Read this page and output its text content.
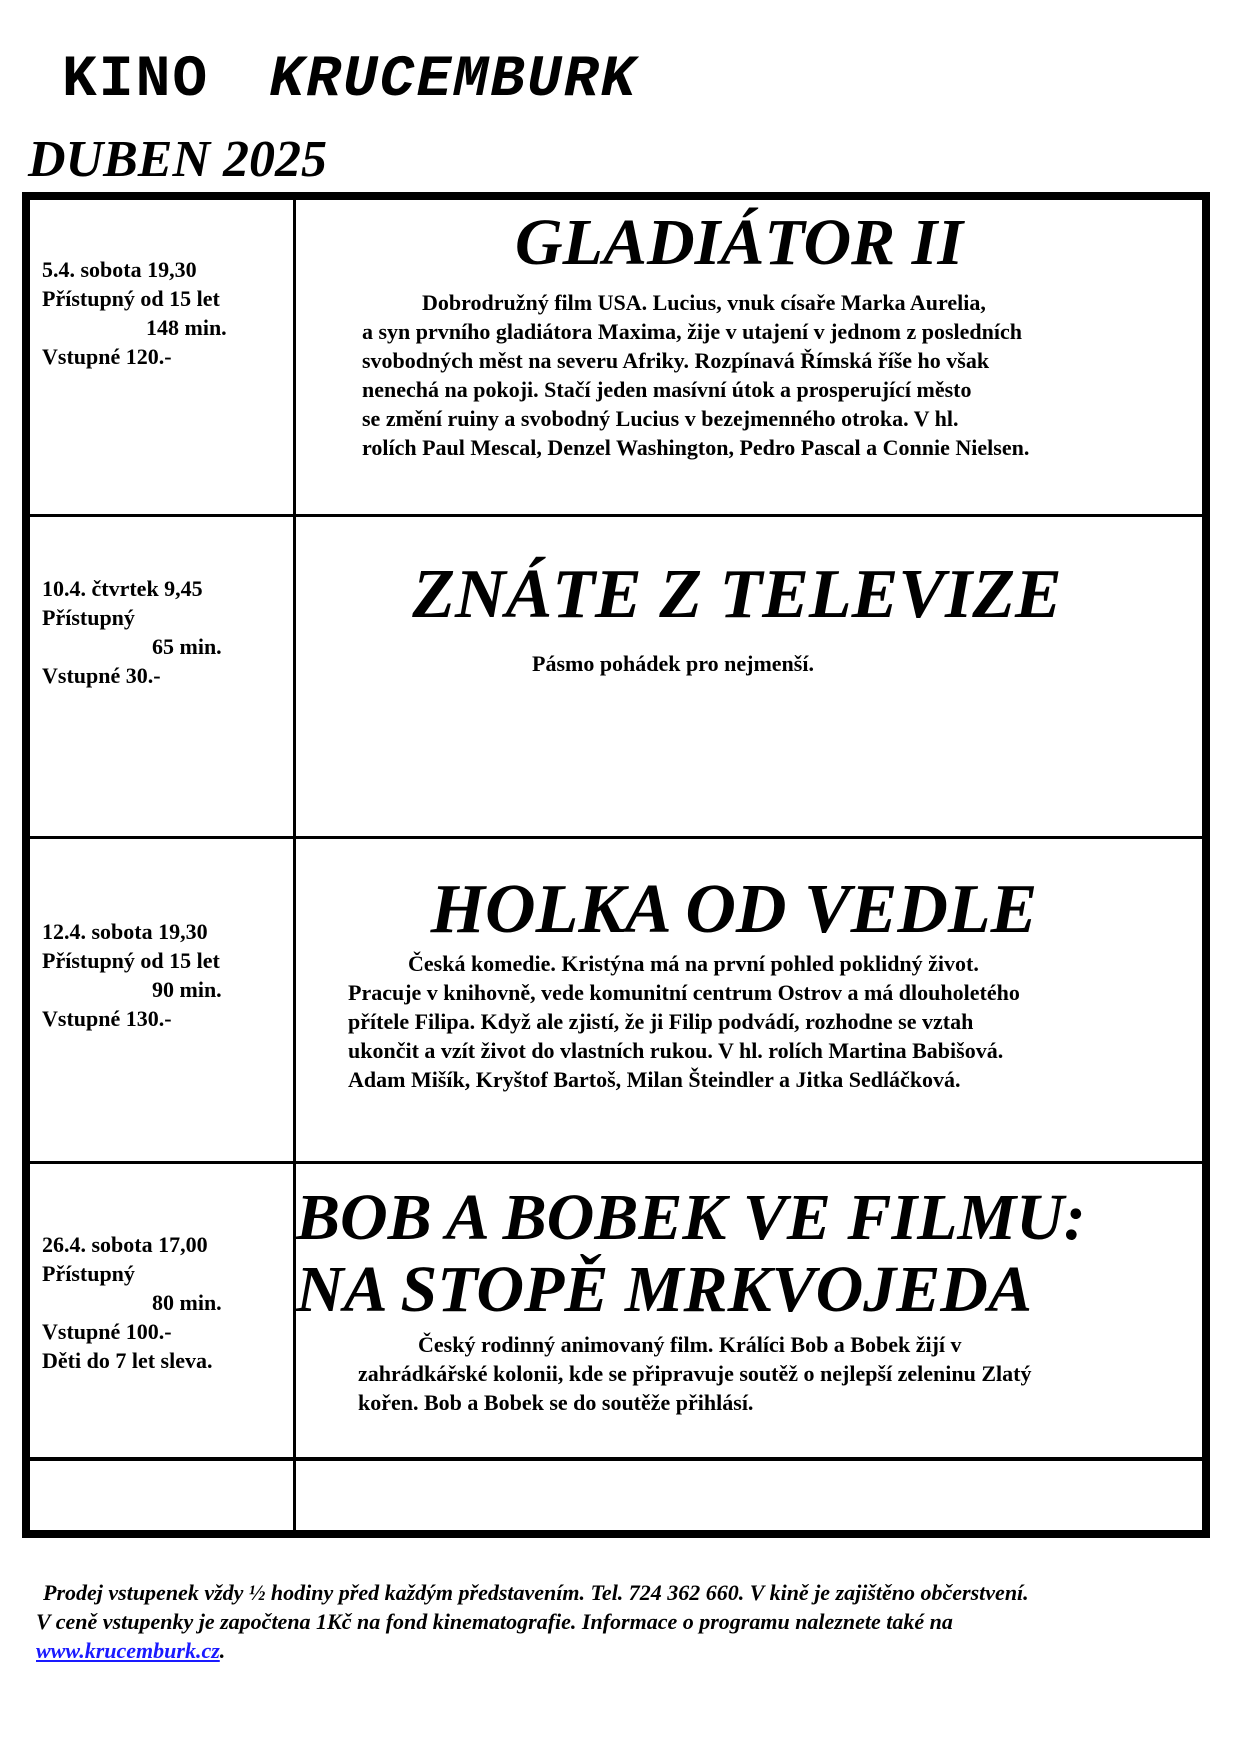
KINO KRUCEMBURK
DUBEN 2025
5.4. sobota 19,30
Přístupný od 15 let
148 min.
Vstupné 120.-
GLADIÁTOR II
Dobrodružný film USA. Lucius, vnuk císaře Marka Aurelia,
a syn prvního gladiátora Maxima, žije v utajení v jednom z posledních
svobodných měst na severu Afriky. Rozpínavá Římská říše ho však
nenechá na pokoji. Stačí jeden masívní útok a prosperující město
se změní ruiny a svobodný Lucius v bezejmenného otroka. V hl.
rolích Paul Mescal, Denzel Washington, Pedro Pascal a Connie Nielsen.
10.4. čtvrtek 9,45
Přístupný
65 min.
Vstupné 30.-
ZNÁTE Z TELEVIZE
Pásmo pohádek pro nejmenší.
12.4. sobota 19,30
Přístupný od 15 let
90 min.
Vstupné 130.-
HOLKA OD VEDLE
Česká komedie. Kristýna má na první pohled poklidný život.
Pracuje v knihovně, vede komunitní centrum Ostrov a má dlouholetého
přítele Filipa. Když ale zjistí, že ji Filip podvádí, rozhodne se vztah
ukončit a vzít život do vlastních rukou. V hl. rolích Martina Babišová.
Adam Mišík, Kryštof Bartoš, Milan Šteindler a Jitka Sedláčková.
26.4. sobota 17,00
Přístupný
80 min.
Vstupné 100.-
Děti do 7 let sleva.
BOB A BOBEK VE FILMU:
NA STOPĚ MRKVOJEDA
Český rodinný animovaný film. Králíci Bob a Bobek žijí v
zahrádkářské kolonii, kde se připravuje soutěž o nejlepší zeleninu Zlatý
kořen. Bob a Bobek se do soutěže přihlásí.
Prodej vstupenek vždy ½ hodiny před každým představením. Tel. 724 362 660. V kině je zajištěno občerstvení.
V ceně vstupenky je započtena 1Kč na fond kinematografie. Informace o programu naleznete také na
www.krucemburk.cz.
